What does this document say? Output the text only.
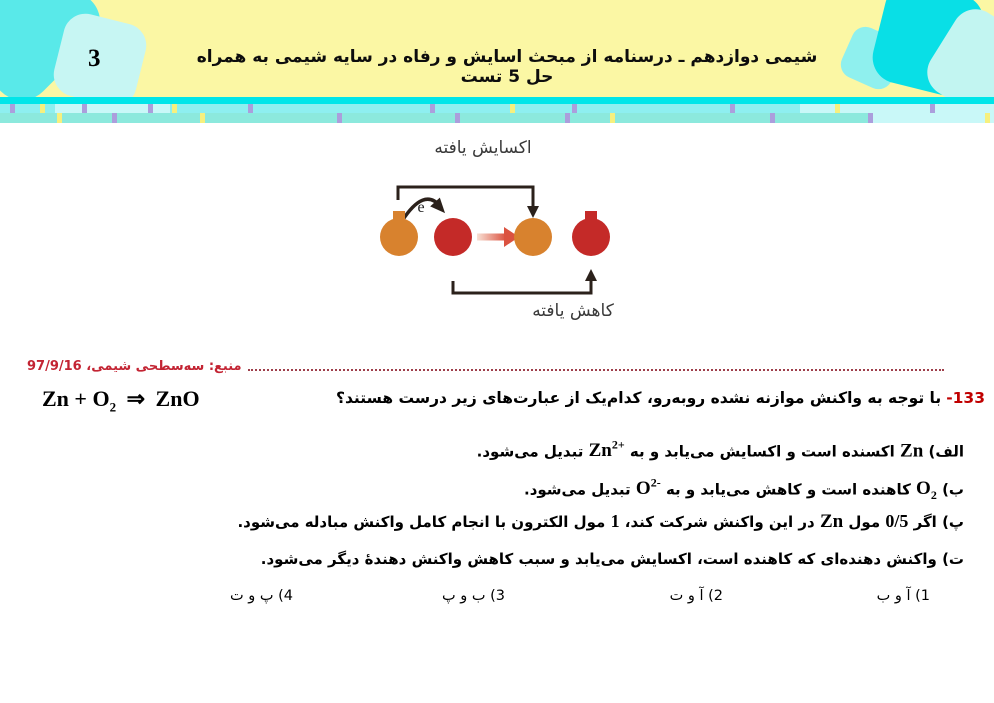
3	شیمی دوازدهم ـ درسنامه از مبحث اسایش و رفاه در سایه شیمی به همراه حل 5 تست
اکسایش یافته
e
کاهش یافته
منبع: سه‌سطحی شیمی، 97/9/16
133-
با توجه به واکنش موازنه نشده روبه‌رو، کدام‌یک از عبارت‌های زیر درست هستند؟
$Zn + O_2$ ⇒ ZnO
الف) Zn اکسنده است و اکسایش می‌یابد و به $Zn^{2+}$ تبدیل می‌شود.
ب) $O_2$ کاهنده است و کاهش می‌یابد و به $O^{2-}$ تبدیل می‌شود.
پ) اگر 0/5 مول Zn در این واکنش شرکت کند، 1 مول الکترون با انجام کامل واکنش مبادله می‌شود.
ت) واکنش دهنده‌ای که کاهنده است، اکسایش می‌یابد و سبب کاهش واکنش دهندهٔ دیگر می‌شود.
1) آ و ب
2) آ و ت
3) ب و پ
4) پ و ت
